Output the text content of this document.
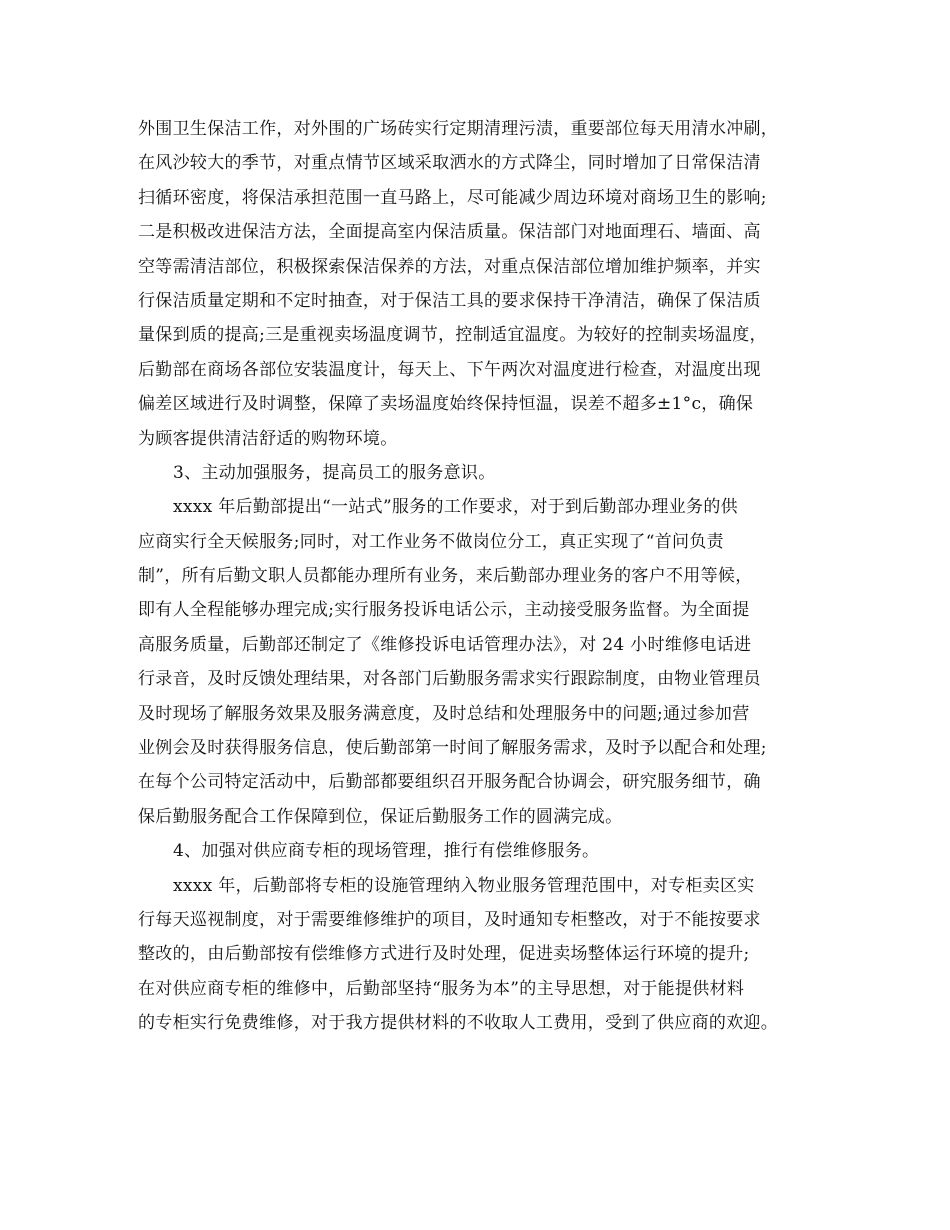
外围卫生保洁工作，对外围的广场砖实行定期清理污渍，重要部位每天用清水冲刷，
在风沙较大的季节，对重点情节区域采取洒水的方式降尘，同时增加了日常保洁清
扫循环密度，将保洁承担范围一直马路上，尽可能减少周边环境对商场卫生的影响;
二是积极改进保洁方法，全面提高室内保洁质量。保洁部门对地面理石、墙面、高
空等需清洁部位，积极探索保洁保养的方法，对重点保洁部位增加维护频率，并实
行保洁质量定期和不定时抽查，对于保洁工具的要求保持干净清洁，确保了保洁质
量保到质的提高;三是重视卖场温度调节，控制适宜温度。为较好的控制卖场温度，
后勤部在商场各部位安装温度计，每天上、下午两次对温度进行检查，对温度出现
偏差区域进行及时调整，保障了卖场温度始终保持恒温，误差不超多±1°c，确保
为顾客提供清洁舒适的购物环境。
3、主动加强服务，提高员工的服务意识。
xxxx 年后勤部提出“一站式”服务的工作要求，对于到后勤部办理业务的供
应商实行全天候服务;同时，对工作业务不做岗位分工，真正实现了“首问负责
制”，所有后勤文职人员都能办理所有业务，来后勤部办理业务的客户不用等候，
即有人全程能够办理完成;实行服务投诉电话公示，主动接受服务监督。为全面提
高服务质量，后勤部还制定了《维修投诉电话管理办法》，对 24 小时维修电话进
行录音，及时反馈处理结果，对各部门后勤服务需求实行跟踪制度，由物业管理员
及时现场了解服务效果及服务满意度，及时总结和处理服务中的问题;通过参加营
业例会及时获得服务信息，使后勤部第一时间了解服务需求，及时予以配合和处理;
在每个公司特定活动中，后勤部都要组织召开服务配合协调会，研究服务细节，确
保后勤服务配合工作保障到位，保证后勤服务工作的圆满完成。
4、加强对供应商专柜的现场管理，推行有偿维修服务。
xxxx 年，后勤部将专柜的设施管理纳入物业服务管理范围中，对专柜卖区实
行每天巡视制度，对于需要维修维护的项目，及时通知专柜整改，对于不能按要求
整改的，由后勤部按有偿维修方式进行及时处理，促进卖场整体运行环境的提升;
在对供应商专柜的维修中，后勤部坚持“服务为本”的主导思想，对于能提供材料
的专柜实行免费维修，对于我方提供材料的不收取人工费用，受到了供应商的欢迎。
